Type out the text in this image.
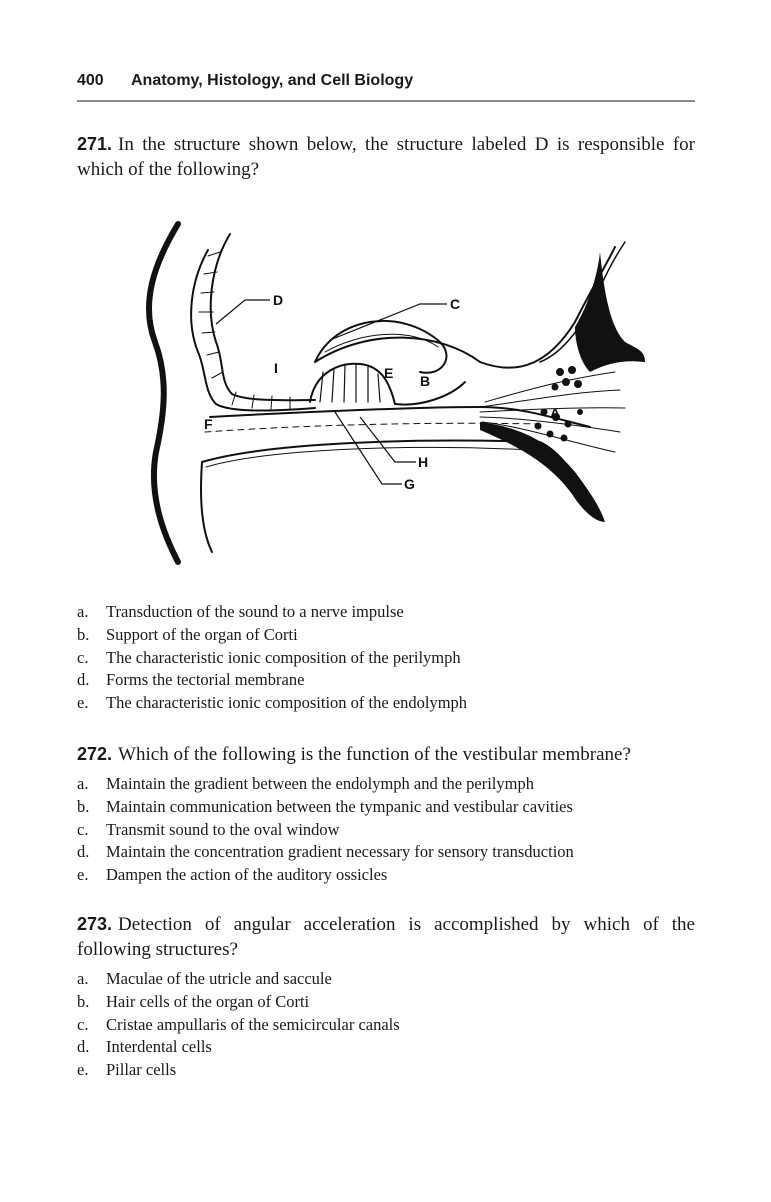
400 Anatomy, Histology, and Cell Biology
271. In the structure shown below, the structure labeled D is responsible for which of the following?
A
B
C
D
E
F
G
H
I
a. Transduction of the sound to a nerve impulse
b. Support of the organ of Corti
c. The characteristic ionic composition of the perilymph
d. Forms the tectorial membrane
e. The characteristic ionic composition of the endolymph
272. Which of the following is the function of the vestibular membrane?
a. Maintain the gradient between the endolymph and the perilymph
b. Maintain communication between the tympanic and vestibular cavities
c. Transmit sound to the oval window
d. Maintain the concentration gradient necessary for sensory transduction
e. Dampen the action of the auditory ossicles
273. Detection of angular acceleration is accomplished by which of the following structures?
a. Maculae of the utricle and saccule
b. Hair cells of the organ of Corti
c. Cristae ampullaris of the semicircular canals
d. Interdental cells
e. Pillar cells
